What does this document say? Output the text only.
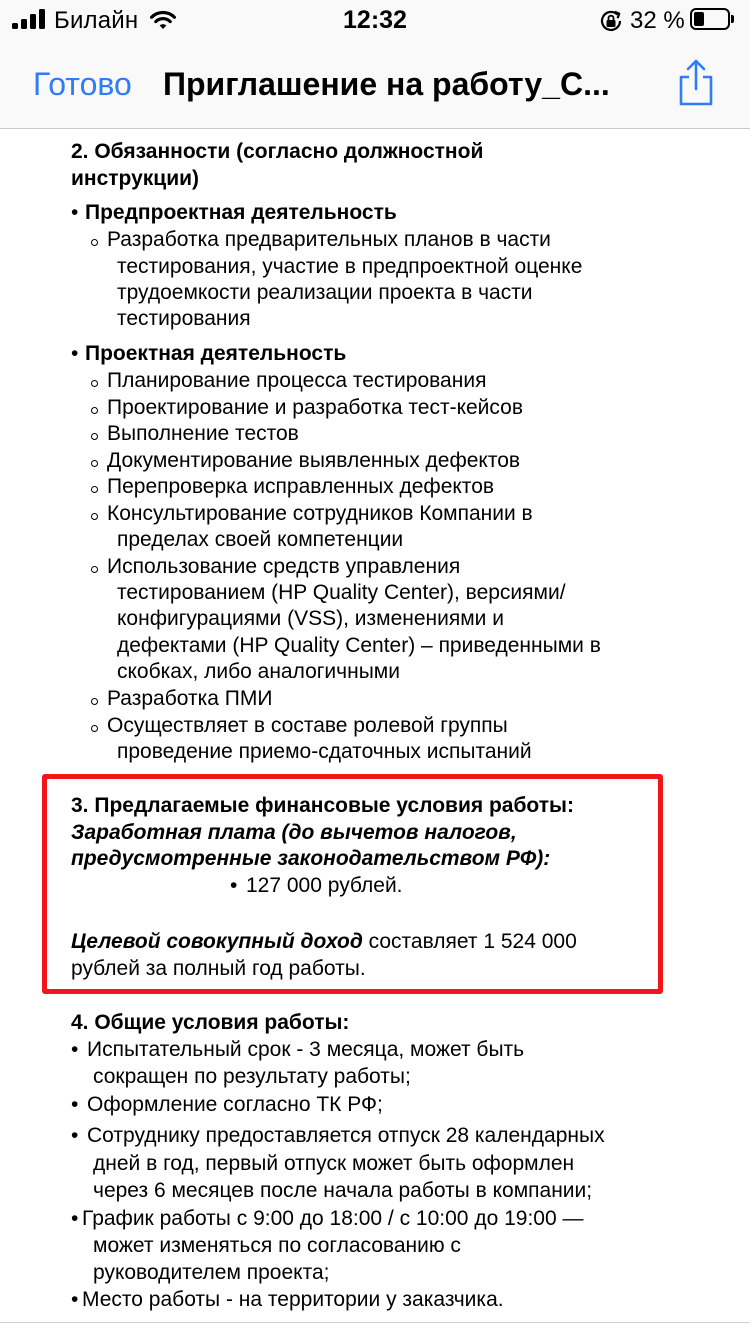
Билайн	12:32	32 %
Готово Приглашение на работу_С...
2. Обязанности (согласно должностной
инструкции)
• Предпроектная деятельность
Разработка предварительных планов в части
тестирования, участие в предпроектной оценке
трудоемкости реализации проекта в части
тестирования
• Проектная деятельность
Планирование процесса тестирования
Проектирование и разработка тест-кейсов
Выполнение тестов
Документирование выявленных дефектов
Перепроверка исправленных дефектов
Консультирование сотрудников Компании в
пределах своей компетенции
Использование средств управления
тестированием (HP Quality Center), версиями/
конфигурациями (VSS), изменениями и
дефектами (HP Quality Center) – приведенными в
скобках, либо аналогичными
Разработка ПМИ
Осуществляет в составе ролевой группы
проведение приемо-сдаточных испытаний
3. Предлагаемые финансовые условия работы:
Заработная плата (до вычетов налогов,
предусмотренные законодательством РФ):
• 127 000 рублей.
Целевой совокупный доход составляет 1 524 000
рублей за полный год работы.
4. Общие условия работы:
• Испытательный срок - 3 месяца, может быть
сокращен по результату работы;
• Оформление согласно ТК РФ;
• Сотруднику предоставляется отпуск 28 календарных
дней в год, первый отпуск может быть оформлен
через 6 месяцев после начала работы в компании;
• График работы с 9:00 до 18:00 / с 10:00 до 19:00 —
может изменяться по согласованию с
руководителем проекта;
• Место работы - на территории у заказчика.
